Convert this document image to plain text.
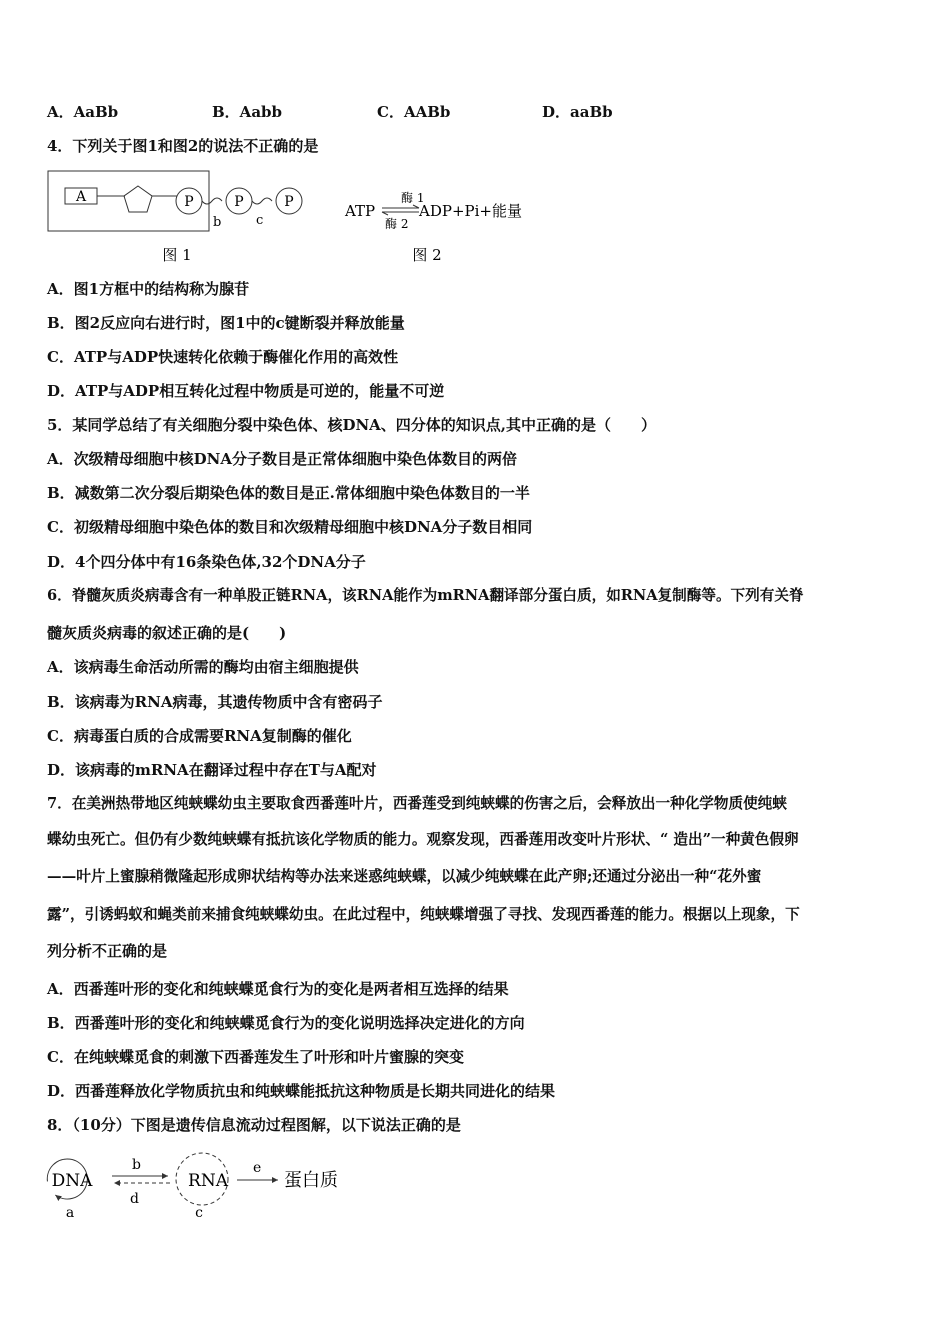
A．AaBb	B．Aabb	C．AABb	D．aaBb
4．下列关于图1和图2的说法不正确的是
A	P	P	P
b	c
图 1
ATP
酶 1
酶 2
ADP+Pi+能量
图 2
A．图1方框中的结构称为腺苷
B．图2反应向右进行时，图1中的c键断裂并释放能量
C．ATP与ADP快速转化依赖于酶催化作用的高效性
D．ATP与ADP相互转化过程中物质是可逆的，能量不可逆
5．某同学总结了有关细胞分裂中染色体、核DNA、四分体的知识点,其中正确的是（　　）
A．次级精母细胞中核DNA分子数目是正常体细胞中染色体数目的两倍
B．减数第二次分裂后期染色体的数目是正.常体细胞中染色体数目的一半
C．初级精母细胞中染色体的数目和次级精母细胞中核DNA分子数目相同
D．4个四分体中有16条染色体,32个DNA分子
6．脊髓灰质炎病毒含有一种单股正链RNA，该RNA能作为mRNA翻译部分蛋白质，如RNA复制酶等。下列有关脊
髓灰质炎病毒的叙述正确的是(　　)
A．该病毒生命活动所需的酶均由宿主细胞提供
B．该病毒为RNA病毒，其遗传物质中含有密码子
C．病毒蛋白质的合成需要RNA复制酶的催化
D．该病毒的mRNA在翻译过程中存在T与A配对
7．在美洲热带地区纯蛱蝶幼虫主要取食西番莲叶片，西番莲受到纯蛱蝶的伤害之后，会释放出一种化学物质使纯蛱
蝶幼虫死亡。但仍有少数纯蛱蝶有抵抗该化学物质的能力。观察发现，西番莲用改变叶片形状、“ 造出”一种黄色假卵
——叶片上蜜腺稍微隆起形成卵状结构等办法来迷惑纯蛱蝶，以减少纯蛱蝶在此产卵;还通过分泌出一种“花外蜜
露”，引诱蚂蚁和蝇类前来捕食纯蛱蝶幼虫。在此过程中，纯蛱蝶增强了寻找、发现西番莲的能力。根据以上现象，下
列分析不正确的是
A．西番莲叶形的变化和纯蛱蝶觅食行为的变化是两者相互选择的结果
B．西番莲叶形的变化和纯蛱蝶觅食行为的变化说明选择决定进化的方向
C．在纯蛱蝶觅食的刺激下西番莲发生了叶形和叶片蜜腺的突变
D．西番莲释放化学物质抗虫和纯蛱蝶能抵抗这种物质是长期共同进化的结果
8．（10分）下图是遗传信息流动过程图解，以下说法正确的是
DNA
a
b
d
RNA
c
e
蛋白质
